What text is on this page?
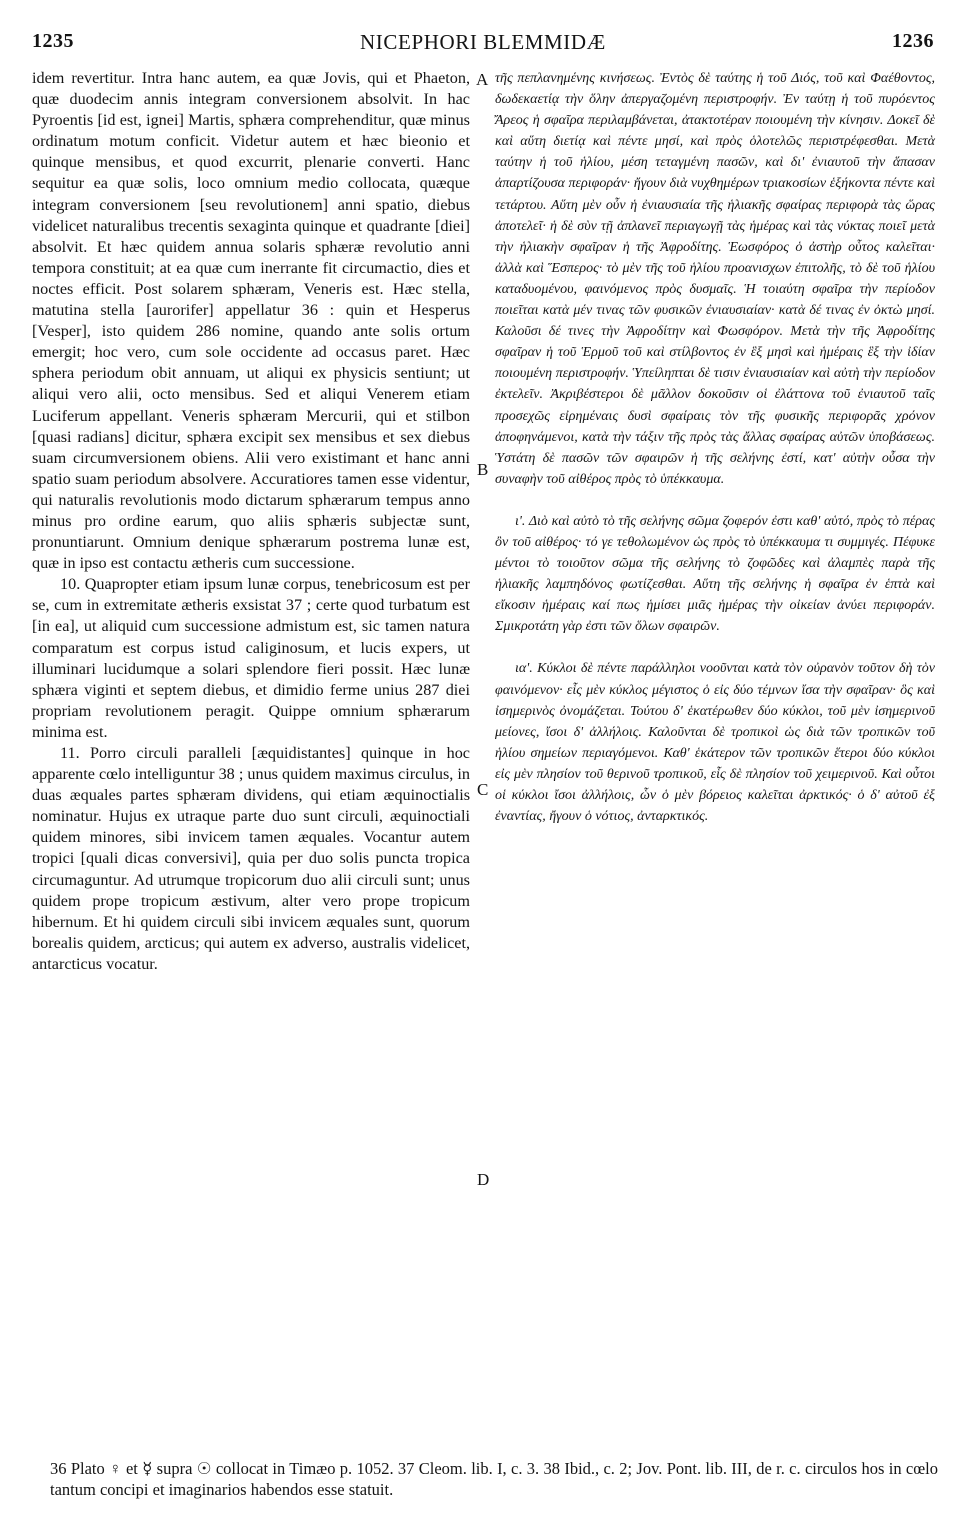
1235	NICEPHORI BLEMMIDÆ	1236

idem revertitur. Intra hanc autem, ea quæ Jovis, qui et Phaeton, quæ duodecim annis integram conversionem absolvit. In hac Pyroentis [id est, ignei] Martis, sphæra comprehenditur, quæ minus ordinatum motum conficit. Videtur autem et hæc bieonio et quinque mensibus, et quod excurrit, plenarie converti. Hanc sequitur ea quæ solis, loco omnium medio collocata, quæque integram conversionem [seu revolutionem] anni spatio, diebus videlicet naturalibus trecentis sexaginta quinque et quadrante [diei] absolvit. Et hæc quidem annua solaris sphæræ revolutio anni tempora constituit; at ea quæ cum inerrante fit circumactio, dies et noctes efficit. Post solarem sphæram, Veneris est. Hæc stella, matutina stella [aurorifer] appellatur 36 : quin et Hesperus [Vesper], isto quidem 286 nomine, quando ante solis ortum emergit; hoc vero, cum sole occidente ad occasus paret. Hæc sphera periodum obit annuam, ut aliqui ex physicis sentiunt; ut aliqui vero alii, octo mensibus. Sed et aliqui Venerem etiam Luciferum appellant. Veneris sphæram Mercurii, qui et stilbon [quasi radians] dicitur, sphæra excipit sex mensibus et sex diebus suam circumversionem obiens. Alii vero existimant et hanc anni spatio suam periodum absolvere. Accuratiores tamen esse videntur, qui naturalis revolutionis modo dictarum sphærarum tempus anno minus pro ordine earum, quo aliis sphæris subjectæ sunt, pronuntiarunt. Omnium denique sphærarum postrema lunæ est, quæ in ipso est contactu ætheris cum successione.

10. Quapropter etiam ipsum lunæ corpus, tenebricosum est per se, cum in extremitate ætheris exsistat 37 ; certe quod turbatum est [in ea], ut aliquid cum successione admistum est, sic tamen natura comparatum est corpus istud caliginosum, et lucis expers, ut illuminari lucidumque a solari splendore fieri possit. Hæc lunæ sphæra viginti et septem diebus, et dimidio ferme unius 287 diei propriam revolutionem peragit. Quippe omnium sphærarum minima est.

11. Porro circuli paralleli [æquidistantes] quinque in hoc apparente cœlo intelliguntur 38 ; unus quidem maximus circulus, in duas æquales partes sphæram dividens, qui etiam æquinoctialis nominatur. Hujus ex utraque parte duo sunt circuli, æquinoctiali quidem minores, sibi invicem tamen æquales. Vocantur autem tropici [quali dicas conversivi], quia per duo solis puncta tropica circumaguntur. Ad utrumque tropicorum duo alii circuli sunt; unus quidem prope tropicum æstivum, alter vero prope tropicum hibernum. Et hi quidem circuli sibi invicem æquales sunt, quorum borealis quidem, arcticus; qui autem ex adverso, australis videlicet, antarcticus vocatur.

A
B
C
D

τῆς πεπλανημένης κινήσεως. Ἐντὸς δὲ ταύτης ἡ τοῦ Διός, τοῦ καὶ Φαέθοντος, δωδεκαετίᾳ τὴν ὅλην ἀπεργαζομένη περιστροφήν. Ἐν ταύτῃ ἡ τοῦ πυρόεντος Ἄρεος ἡ σφαῖρα περιλαμβάνεται, ἀτακτοτέραν ποιουμένη τὴν κίνησιν. Δοκεῖ δὲ καὶ αὕτη διετίᾳ καὶ πέντε μησί, καὶ πρὸς ὁλοτελῶς περιστρέφεσθαι. Μετὰ ταύτην ἡ τοῦ ἡλίου, μέση τεταγμένη πασῶν, καὶ δι' ἐνιαυτοῦ τὴν ἅπασαν ἀπαρτίζουσα περιφοράν· ἤγουν διὰ νυχθημέρων τριακοσίων ἑξήκοντα πέντε καὶ τετάρτου. Αὕτη μὲν οὖν ἡ ἐνιαυσιαία τῆς ἡλιακῆς σφαίρας περιφορὰ τὰς ὥρας ἀποτελεῖ· ἡ δὲ σὺν τῇ ἀπλανεῖ περιαγωγῇ τὰς ἡμέρας καὶ τὰς νύκτας ποιεῖ μετὰ τὴν ἡλιακὴν σφαῖραν ἡ τῆς Ἀφροδίτης. Ἑωσφόρος ὁ ἀστὴρ οὗτος καλεῖται· ἀλλὰ καὶ Ἕσπερος· τὸ μὲν τῆς τοῦ ἡλίου προανισχων ἐπιτολῆς, τὸ δὲ τοῦ ἡλίου καταδυομένου, φαινόμενος πρὸς δυσμαῖς. Ἡ τοιαύτη σφαῖρα τὴν περίοδον ποιεῖται κατὰ μέν τινας τῶν φυσικῶν ἐνιαυσιαίαν· κατὰ δέ τινας ἐν ὀκτὼ μησί. Καλοῦσι δέ τινες τὴν Ἀφροδίτην καὶ Φωσφόρον. Μετὰ τὴν τῆς Ἀφροδίτης σφαῖραν ἡ τοῦ Ἑρμοῦ τοῦ καὶ στίλβοντος ἐν ἓξ μησὶ καὶ ἡμέραις ἓξ τὴν ἰδίαν ποιουμένη περιστροφήν. Ὑπείληπται δὲ τισιν ἐνιαυσιαίαν καὶ αὐτὴ τὴν περίοδον ἐκτελεῖν. Ἀκριβέστεροι δὲ μᾶλλον δοκοῦσιν οἱ ἐλάττονα τοῦ ἐνιαυτοῦ ταῖς προσεχῶς εἰρημέναις δυσὶ σφαίραις τὸν τῆς φυσικῆς περιφορᾶς χρόνον ἀποφηνάμενοι, κατὰ τὴν τάξιν τῆς πρὸς τὰς ἄλλας σφαίρας αὐτῶν ὑποβάσεως. Ὑστάτη δὲ πασῶν τῶν σφαιρῶν ἡ τῆς σελήνης ἐστί, κατ' αὐτὴν οὖσα τὴν συναφὴν τοῦ αἰθέρος πρὸς τὸ ὑπέκκαυμα.

ι'. Διὸ καὶ αὐτὸ τὸ τῆς σελήνης σῶμα ζοφερόν ἐστι καθ' αὑτό, πρὸς τὸ πέρας ὂν τοῦ αἰθέρος· τό γε τεθολωμένον ὡς πρὸς τὸ ὑπέκκαυμα τι συμμιγές. Πέφυκε μέντοι τὸ τοιοῦτον σῶμα τῆς σελήνης τὸ ζοφῶδες καὶ ἀλαμπὲς παρὰ τῆς ἡλιακῆς λαμπηδόνος φωτίζεσθαι. Αὕτη τῆς σελήνης ἡ σφαῖρα ἐν ἑπτὰ καὶ εἴκοσιν ἡμέραις καί πως ἡμίσει μιᾶς ἡμέρας τὴν οἰκείαν ἀνύει περιφοράν. Σμικροτάτη γὰρ ἐστι τῶν ὅλων σφαιρῶν.

ια'. Κύκλοι δὲ πέντε παράλληλοι νοοῦνται κατὰ τὸν οὐρανὸν τοῦτον δὴ τὸν φαινόμενον· εἷς μὲν κύκλος μέγιστος ὁ εἰς δύο τέμνων ἴσα τὴν σφαῖραν· ὃς καὶ ἰσημερινὸς ὀνομάζεται. Τούτου δ' ἑκατέρωθεν δύο κύκλοι, τοῦ μὲν ἰσημερινοῦ μείονες, ἴσοι δ' ἀλλήλοις. Καλοῦνται δὲ τροπικοὶ ὡς διὰ τῶν τροπικῶν τοῦ ἡλίου σημείων περιαγόμενοι. Καθ' ἑκάτερον τῶν τροπικῶν ἕτεροι δύο κύκλοι εἰς μὲν πλησίον τοῦ θερινοῦ τροπικοῦ, εἷς δὲ πλησίον τοῦ χειμερινοῦ. Καὶ οὗτοι οἱ κύκλοι ἴσοι ἀλλήλοις, ὧν ὁ μὲν βόρειος καλεῖται ἀρκτικός· ὁ δ' αὐτοῦ ἐξ ἐναντίας, ἤγουν ὁ νότιος, ἀνταρκτικός.

36 Plato ♀ et ☿ supra ☉ collocat in Timæo p. 1052. 37 Cleom. lib. I, c. 3. 38 Ibid., c. 2; Jov. Pont. lib. III, de r. c. circulos hos in cœlo tantum concipi et imaginarios habendos esse statuit.
